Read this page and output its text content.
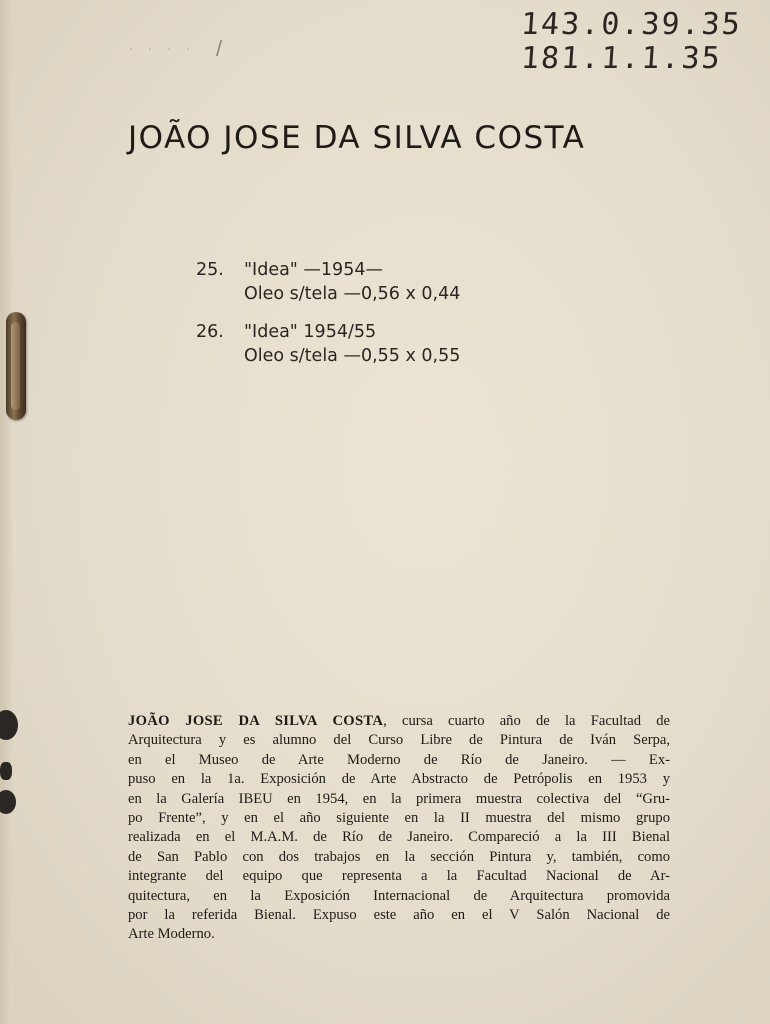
· · · · /
143.0.39.35
181.1.1.35
JOÃO JOSE DA SILVA COSTA
25. "Idea" —1954—
Oleo s/tela —0,56 x 0,44
26. "Idea" 1954/55
Oleo s/tela —0,55 x 0,55
JOÃO JOSE DA SILVA COSTA, cursa cuarto año de la Facultad de
Arquitectura y es alumno del Curso Libre de Pintura de Iván Serpa,
en el Museo de Arte Moderno de Río de Janeiro. — Ex-
puso en la 1a. Exposición de Arte Abstracto de Petrópolis en 1953 y
en la Galería IBEU en 1954, en la primera muestra colectiva del “Gru-
po Frente”, y en el año siguiente en la II muestra del mismo grupo
realizada en el M.A.M. de Río de Janeiro. Compareció a la III Bienal
de San Pablo con dos trabajos en la sección Pintura y, también, como
integrante del equipo que representa a la Facultad Nacional de Ar-
quitectura, en la Exposición Internacional de Arquitectura promovida
por la referida Bienal. Expuso este año en el V Salón Nacional de
Arte Moderno.
